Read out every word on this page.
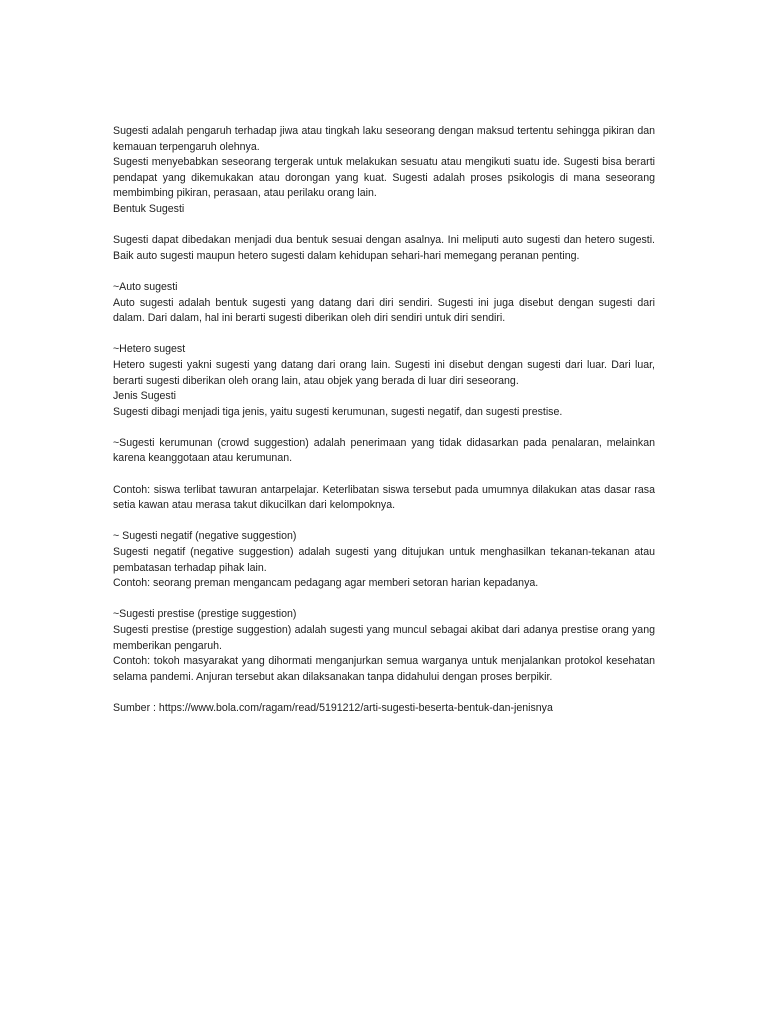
Sugesti adalah pengaruh terhadap jiwa atau tingkah laku seseorang dengan maksud tertentu sehingga pikiran dan kemauan terpengaruh olehnya.

Sugesti menyebabkan seseorang tergerak untuk melakukan sesuatu atau mengikuti suatu ide. Sugesti bisa berarti pendapat yang dikemukakan atau dorongan yang kuat. Sugesti adalah proses psikologis di mana seseorang membimbing pikiran, perasaan, atau perilaku orang lain.

Bentuk Sugesti

Sugesti dapat dibedakan menjadi dua bentuk sesuai dengan asalnya. Ini meliputi auto sugesti dan hetero sugesti. Baik auto sugesti maupun hetero sugesti dalam kehidupan sehari-hari memegang peranan penting.

~Auto sugesti

Auto sugesti adalah bentuk sugesti yang datang dari diri sendiri. Sugesti ini juga disebut dengan sugesti dari dalam. Dari dalam, hal ini berarti sugesti diberikan oleh diri sendiri untuk diri sendiri.

~Hetero sugest

Hetero sugesti yakni sugesti yang datang dari orang lain. Sugesti ini disebut dengan sugesti dari luar. Dari luar, berarti sugesti diberikan oleh orang lain, atau objek yang berada di luar diri seseorang.

Jenis Sugesti

Sugesti dibagi menjadi tiga jenis, yaitu sugesti kerumunan, sugesti negatif, dan sugesti prestise.

~Sugesti kerumunan (crowd suggestion) adalah penerimaan yang tidak didasarkan pada penalaran, melainkan karena keanggotaan atau kerumunan.

Contoh: siswa terlibat tawuran antarpelajar. Keterlibatan siswa tersebut pada umumnya dilakukan atas dasar rasa setia kawan atau merasa takut dikucilkan dari kelompoknya.

~ Sugesti negatif (negative suggestion)

Sugesti negatif (negative suggestion) adalah sugesti yang ditujukan untuk menghasilkan tekanan-tekanan atau pembatasan terhadap pihak lain.

Contoh: seorang preman mengancam pedagang agar memberi setoran harian kepadanya.

~Sugesti prestise (prestige suggestion)

Sugesti prestise (prestige suggestion) adalah sugesti yang muncul sebagai akibat dari adanya prestise orang yang memberikan pengaruh.

Contoh: tokoh masyarakat yang dihormati menganjurkan semua warganya untuk menjalankan protokol kesehatan selama pandemi. Anjuran tersebut akan dilaksanakan tanpa didahului dengan proses berpikir.

Sumber : https://www.bola.com/ragam/read/5191212/arti-sugesti-beserta-bentuk-dan-jenisnya
